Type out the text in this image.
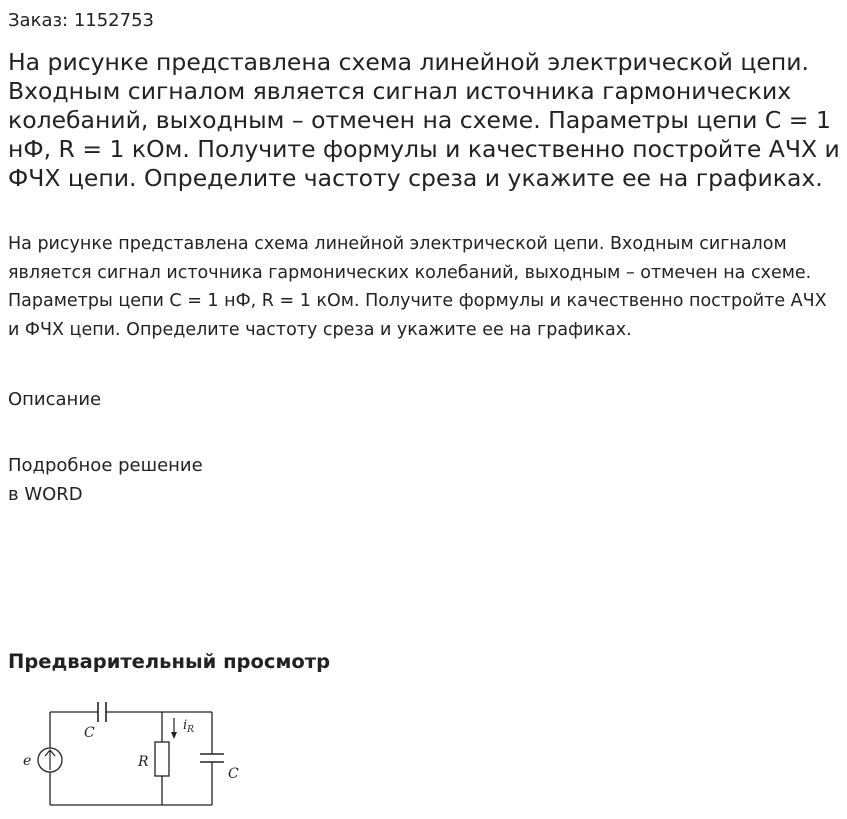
Заказ: 1152753
На рисунке представлена схема линейной электрической цепи. Входным сигналом является сигнал источника гармонических колебаний, выходным – отмечен на схеме. Параметры цепи C = 1 нФ, R = 1 кОм. Получите формулы и качественно постройте АЧХ и ФЧХ цепи. Определите частоту среза и укажите ее на графиках.
На рисунке представлена схема линейной электрической цепи. Входным сигналом является сигнал источника гармонических колебаний, выходным – отмечен на схеме. Параметры цепи C = 1 нФ, R = 1 кОм. Получите формулы и качественно постройте АЧХ и ФЧХ цепи. Определите частоту среза и укажите ее на графиках.
Описание
Подробное решение
в WORD
Предварительный просмотр
e
C
R
$i_R$
C
